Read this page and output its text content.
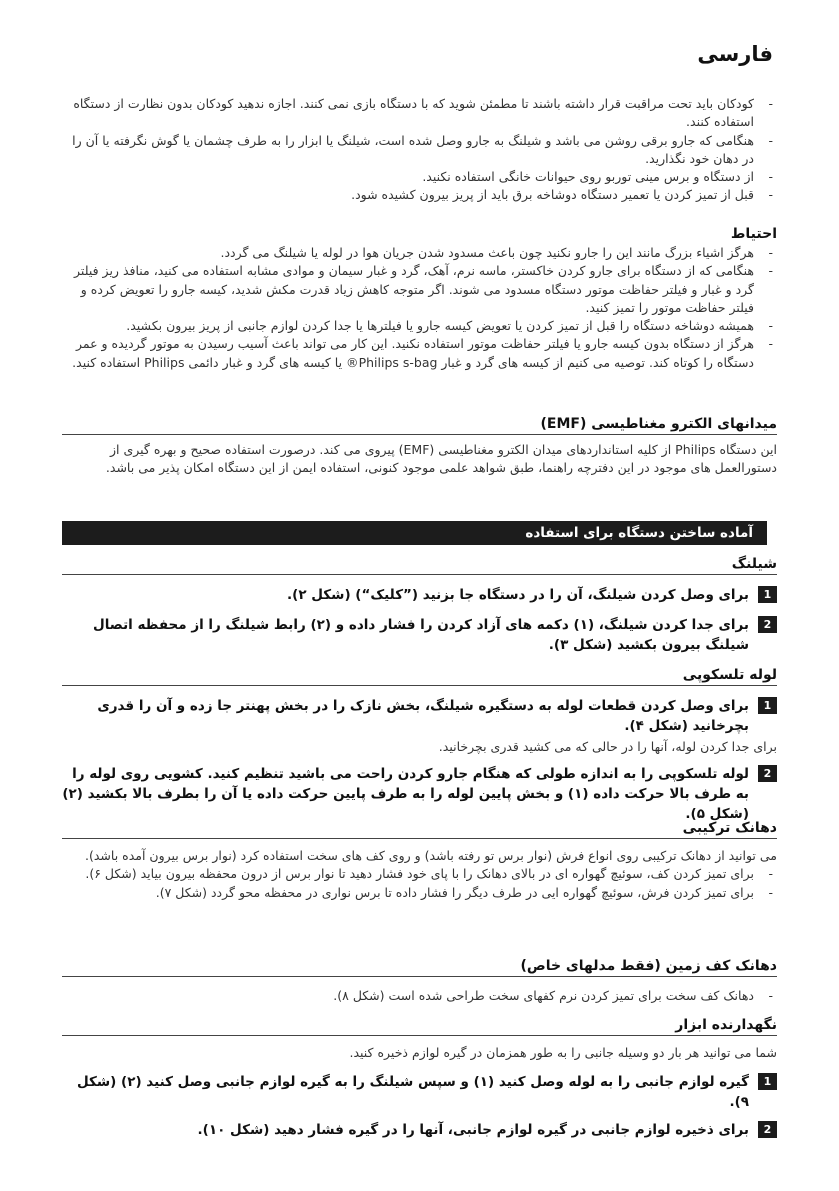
فارسی
- کودکان باید تحت مراقبت قرار داشته باشند تا مطمئن شوید که با دستگاه بازی نمی کنند. اجازه ندهید کودکان بدون نظارت از دستگاه استفاده کنند.
- هنگامی که جارو برقی روشن می باشد و شیلنگ به جارو وصل شده است، شیلنگ یا ابزار را به طرف چشمان یا گوش نگرفته یا آن را در دهان خود نگذارید.
- از دستگاه و برس مینی توربو روی حیوانات خانگی استفاده نکنید.
- قبل از تمیز کردن یا تعمیر دستگاه دوشاخه برق باید از پریز بیرون کشیده شود.
احتیاط
- هرگز اشیاء بزرگ مانند این را جارو نکنید چون باعث مسدود شدن جریان هوا در لوله یا شیلنگ می گردد.
- هنگامی که از دستگاه برای جارو کردن خاکستر، ماسه نرم، آهک، گرد و غبار سیمان و موادی مشابه استفاده می کنید، منافذ ریز فیلتر گرد و غبار و فیلتر حفاظت موتور دستگاه مسدود می شوند. اگر متوجه کاهش زیاد قدرت مکش شدید، کیسه جارو را تعویض کرده و فیلتر حفاظت موتور را تمیز کنید.
- همیشه دوشاخه دستگاه را قبل از تمیز کردن یا تعویض کیسه جارو یا فیلترها یا جدا کردن لوازم جانبی از پریز بیرون بکشید.
- هرگز از دستگاه بدون کیسه جارو یا فیلتر حفاظت موتور استفاده نکنید. این کار می تواند باعث آسیب رسیدن به موتور گردیده و عمر دستگاه را کوتاه کند. توصیه می کنیم از کیسه های گرد و غبار Philips s-bag® یا کیسه های گرد و غبار دائمی Philips استفاده کنید.
میدانهای الکترو مغناطیسی (EMF)

این دستگاه Philips از کلیه استانداردهای میدان الکترو مغناطیسی (EMF) پیروی می کند. درصورت استفاده صحیح و بهره گیری از دستورالعمل های موجود در این دفترچه راهنما، طبق شواهد علمی موجود کنونی، استفاده ایمن از این دستگاه امکان پذیر می باشد.

آماده ساختن دستگاه برای استفاده
شیلنگ
1
برای وصل کردن شیلنگ، آن را در دستگاه جا بزنید (”کلیک“) (شکل ۲).
2
برای جدا کردن شیلنگ، (۱) دکمه های آزاد کردن را فشار داده و (۲) رابط شیلنگ را از محفظه اتصال شیلنگ بیرون بکشید (شکل ۳).
لوله تلسکوپی
1
برای وصل کردن قطعات لوله به دستگیره شیلنگ، بخش نازک را در بخش پهنتر جا زده و آن را قدری بچرخانید (شکل ۴).

برای جدا کردن لوله، آنها را در حالی که می کشید قدری بچرخانید.

2
لوله تلسکوپی را به اندازه طولی که هنگام جارو کردن راحت می باشید تنظیم کنید. کشویی روی لوله را به طرف بالا حرکت داده (۱) و بخش پایین لوله را به طرف پایین حرکت داده یا آن را بطرف بالا بکشید (۲) (شکل ۵).
دهانک ترکیبی

می توانید از دهانک ترکیبی روی انواع فرش (نوار برس تو رفته باشد) و روی کف های سخت استفاده کرد (نوار برس بیرون آمده باشد).

- برای تمیز کردن کف، سوئیچ گهواره ای در بالای دهانک را با پای خود فشار دهید تا نوار برس از درون محفظه بیرون بیاید (شکل ۶).
- برای تمیز کردن فرش، سوئیچ گهواره ایی در طرف دیگر را فشار داده تا برس نواری در محفظه محو گردد (شکل ۷).
دهانک کف زمین (فقط مدلهای خاص)
- دهانک کف سخت برای تمیز کردن نرم کفهای سخت طراحی شده است (شکل ۸).
نگهدارنده ابزار

شما می توانید هر بار دو وسیله جانبی را به طور همزمان در گیره لوازم ذخیره کنید.

1
گیره لوازم جانبی را به لوله وصل کنید (۱) و سپس شیلنگ را به گیره لوازم جانبی وصل کنید (۲) (شکل ۹).
2
برای ذخیره لوازم جانبی در گیره لوازم جانبی، آنها را در گیره فشار دهید (شکل ۱۰).
